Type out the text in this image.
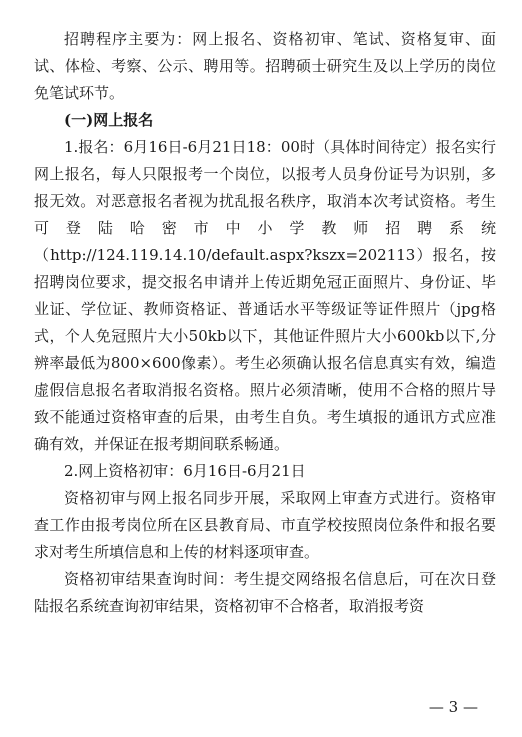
招聘程序主要为：网上报名、资格初审、笔试、资格复审、面试、体检、考察、公示、聘用等。招聘硕士研究生及以上学历的岗位免笔试环节。

(一)网上报名

1.报名：6月16日-6月21日18：00时（具体时间待定）报名实行网上报名，每人只限报考一个岗位，以报考人员身份证号为识别，多报无效。对恶意报名者视为扰乱报名秩序，取消本次考试资格。考生可登陆哈密市中小学教师招聘系统（http://124.119.14.10/default.aspx?kszx=202113）报名，按招聘岗位要求，提交报名申请并上传近期免冠正面照片、身份证、毕业证、学位证、教师资格证、普通话水平等级证等证件照片（jpg格式，个人免冠照片大小50kb以下，其他证件照片大小600kb以下,分辨率最低为800×600像素）。考生必须确认报名信息真实有效，编造虚假信息报名者取消报名资格。照片必须清晰，使用不合格的照片导致不能通过资格审查的后果，由考生自负。考生填报的通讯方式应准确有效，并保证在报考期间联系畅通。

2.网上资格初审：6月16日-6月21日

资格初审与网上报名同步开展，采取网上审查方式进行。资格审查工作由报考岗位所在区县教育局、市直学校按照岗位条件和报名要求对考生所填信息和上传的材料逐项审查。

资格初审结果查询时间：考生提交网络报名信息后，可在次日登陆报名系统查询初审结果，资格初审不合格者，取消报考资

— 3 —
